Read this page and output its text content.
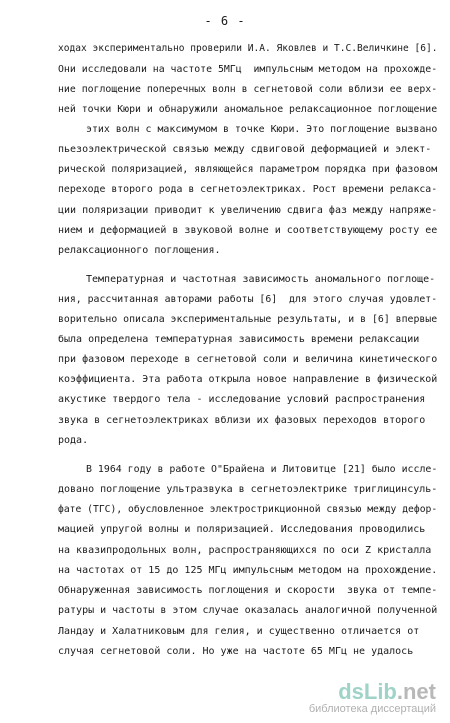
- 6 -
ходах экспериментально проверили И.А. Яковлев и Т.С.Величкине [6].
Они исследовали на частоте 5МГц  импульсным методом на прохожде-
ние поглощение поперечных волн в сегнетовой соли вблизи ее верх-
ней точки Кюри и обнаружили аномальное релаксационное поглощение
этих волн с максимумом в точке Кюри. Это поглощение вызвано
пьезоэлектрической связью между сдвиговой деформацией и элект-
рической поляризацией, являющейся параметром порядка при фазовом
переходе второго рода в сегнетоэлектриках. Рост времени релакса-
ции поляризации приводит к увеличению сдвига фаз между напряже-
нием и деформацией в звуковой волне и соответствующему росту ее
релаксационного поглощения.
Температурная и частотная зависимость аномального поглоще-
ния, рассчитанная авторами работы [6]  для этого случая удовлет-
ворительно описала экспериментальные результаты, и в [6] впервые
была определена температурная зависимость времени релаксации
при фазовом переходе в сегнетовой соли и величина кинетического
коэффициента. Эта работа открыла новое направление в физической
акустике твердого тела - исследование условий распространения
звука в сегнетоэлектриках вблизи их фазовых переходов второго
рода.
В 1964 году в работе О"Брайена и Литовитце [21] было иссле-
довано поглощение ультразвука в сегнетоэлектрике триглицинсуль-
фате (ТГС), обусловленное электрострикционной связью между дефор-
мацией упругой волны и поляризацией. Исследования проводились
на квазипродольных волн, распространяющихся по оси Z кристалла
на частотах от 15 до 125 МГц импульсным методом на прохождение.
Обнаруженная зависимость поглощения и скорости  звука от темпе-
ратуры и частоты в этом случае оказалась аналогичной полученной
Ландау и Халатниковым для гелия, и существенно отличается от
случая сегнетовой соли. Но уже на частоте 65 МГц не удалось
dsLib.net
библиотека диссертаций
